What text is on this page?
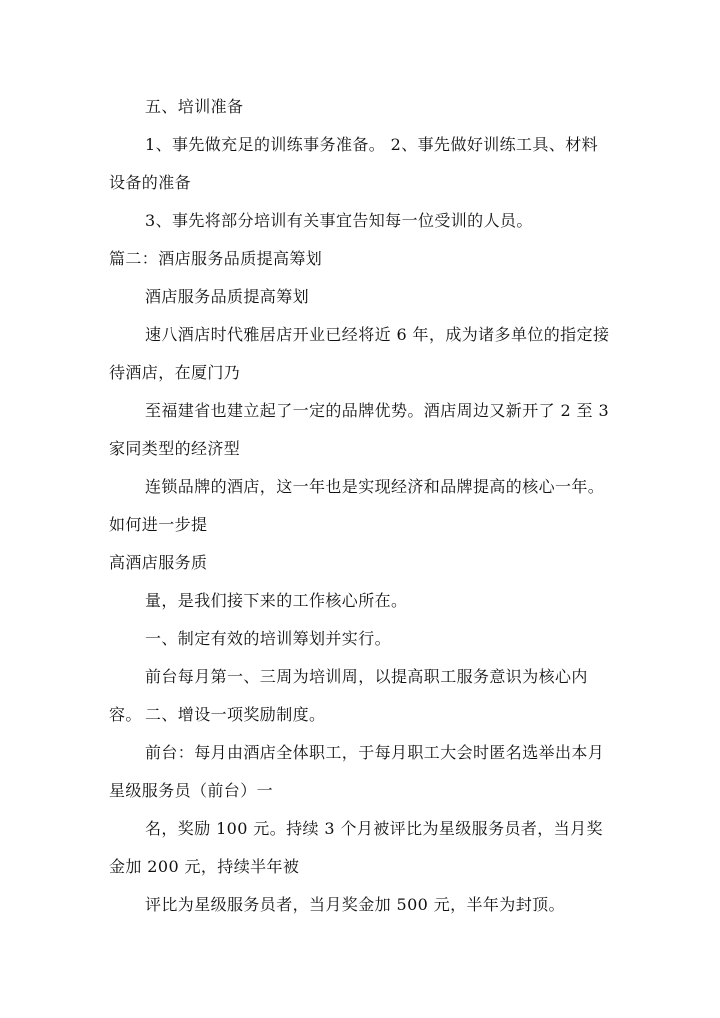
五、培训准备

1、事先做充足的训练事务准备。 2、事先做好训练工具、材料设备的准备

3、事先将部分培训有关事宜告知每一位受训的人员。

篇二：酒店服务品质提高筹划

酒店服务品质提高筹划

速八酒店时代雅居店开业已经将近 6 年，成为诸多单位的指定接待酒店，在厦门乃

至福建省也建立起了一定的品牌优势。酒店周边又新开了 2 至 3 家同类型的经济型

连锁品牌的酒店，这一年也是实现经济和品牌提高的核心一年。如何进一步提

高酒店服务质

量，是我们接下来的工作核心所在。

一、制定有效的培训筹划并实行。

前台每月第一、三周为培训周，以提高职工服务意识为核心内容。 二、增设一项奖励制度。

前台：每月由酒店全体职工，于每月职工大会时匿名选举出本月星级服务员（前台）一

名，奖励 100 元。持续 3 个月被评比为星级服务员者，当月奖金加 200 元，持续半年被

评比为星级服务员者，当月奖金加 500 元，半年为封顶。
